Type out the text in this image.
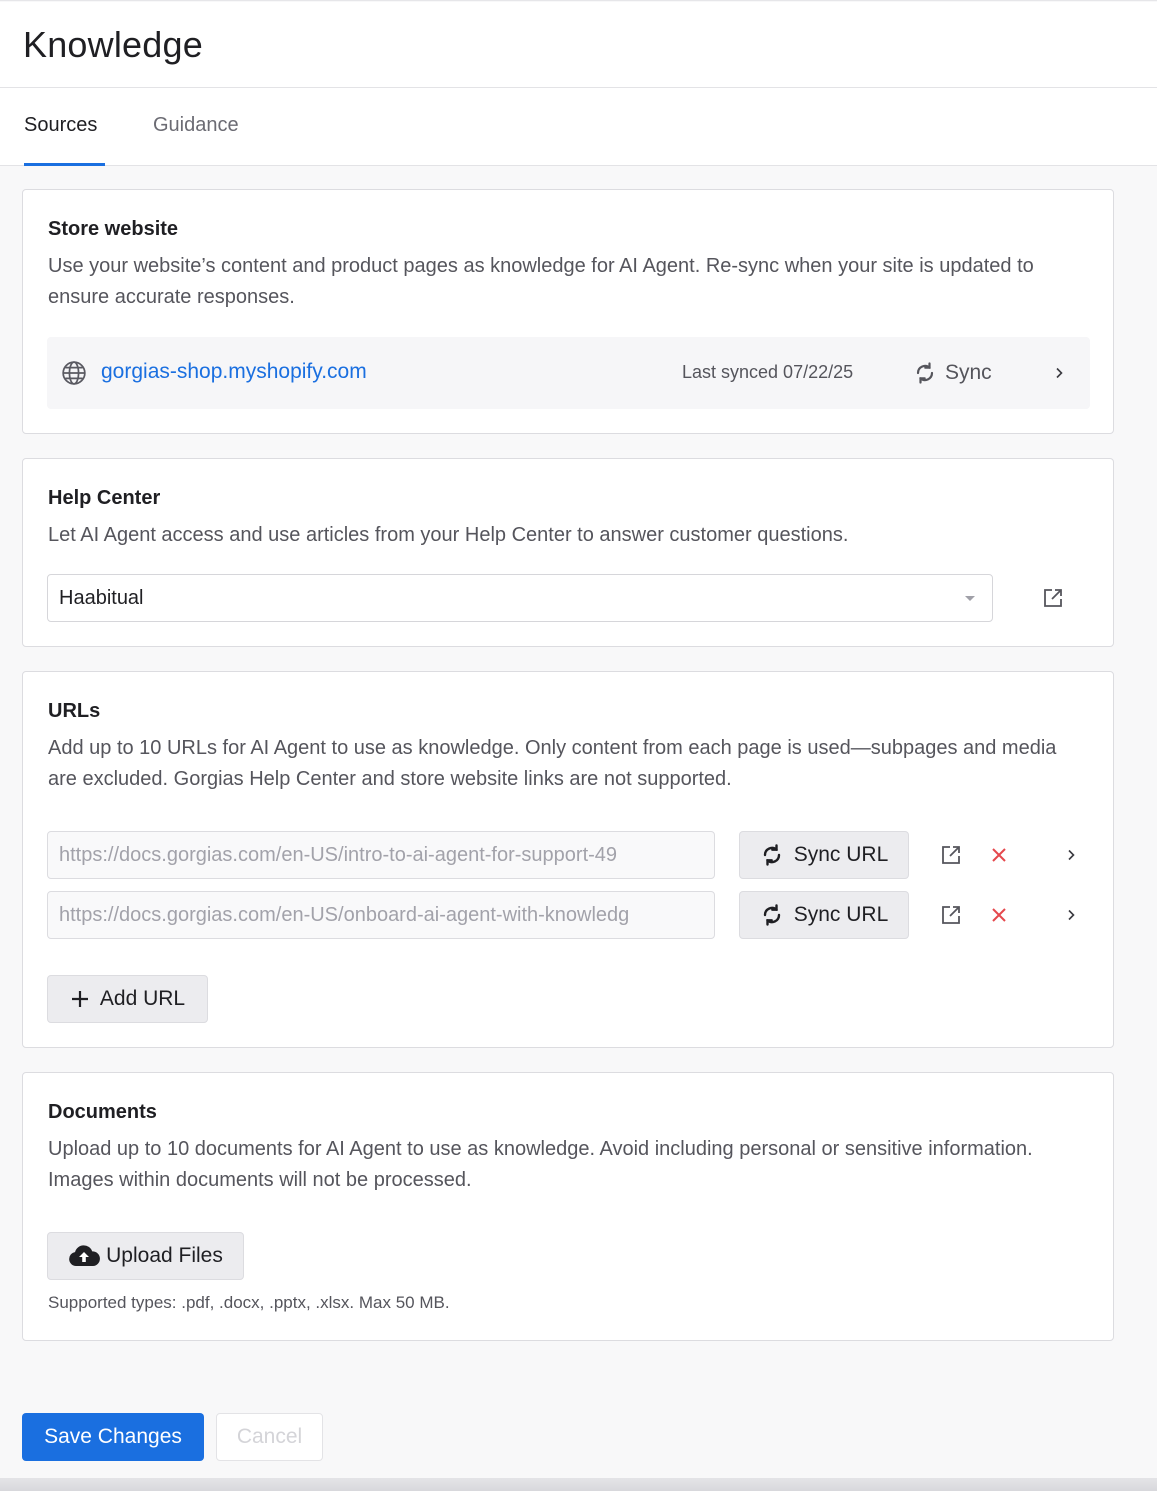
Knowledge
Sources	Guidance
Store website
Use your website’s content and product pages as knowledge for AI Agent. Re-sync when your site is updated to ensure accurate responses.
gorgias-shop.myshopify.com	Last synced 07/22/25	Sync
Help Center
Let AI Agent access and use articles from your Help Center to answer customer questions.
Haabitual
URLs
Add up to 10 URLs for AI Agent to use as knowledge. Only content from each page is used—subpages and media are excluded. Gorgias Help Center and store website links are not supported.
https://docs.gorgias.com/en-US/intro-to-ai-agent-for-support-49	Sync URL
https://docs.gorgias.com/en-US/onboard-ai-agent-with-knowledg	Sync URL
Add URL
Documents
Upload up to 10 documents for AI Agent to use as knowledge. Avoid including personal or sensitive information. Images within documents will not be processed.
Upload Files
Supported types: .pdf, .docx, .pptx, .xlsx. Max 50 MB.
Save Changes	Cancel
